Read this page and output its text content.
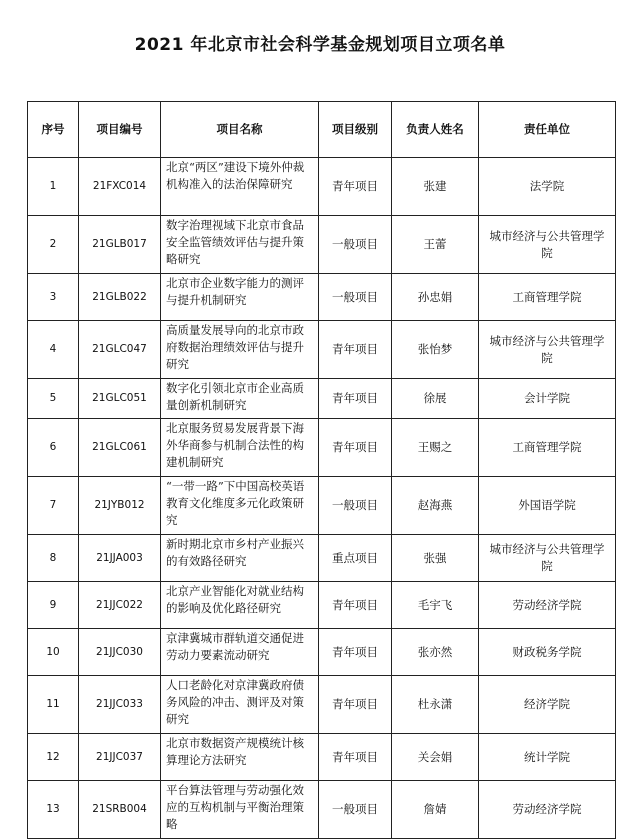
2021 年北京市社会科学基金规划项目立项名单
序号	项目编号	项目名称	项目级别	负责人姓名	责任单位
1	21FXC014	北京“两区”建设下境外仲裁机构准入的法治保障研究	青年项目	张建	法学院
2	21GLB017	数字治理视域下北京市食品安全监管绩效评估与提升策略研究	一般项目	王蕾	城市经济与公共管理学院
3	21GLB022	北京市企业数字能力的测评与提升机制研究	一般项目	孙忠娟	工商管理学院
4	21GLC047	高质量发展导向的北京市政府数据治理绩效评估与提升研究	青年项目	张怡梦	城市经济与公共管理学院
5	21GLC051	数字化引领北京市企业高质量创新机制研究	青年项目	徐展	会计学院
6	21GLC061	北京服务贸易发展背景下海外华商参与机制合法性的构建机制研究	青年项目	王赐之	工商管理学院
7	21JYB012	“一带一路”下中国高校英语教育文化维度多元化政策研究	一般项目	赵海燕	外国语学院
8	21JJA003	新时期北京市乡村产业振兴的有效路径研究	重点项目	张强	城市经济与公共管理学院
9	21JJC022	北京产业智能化对就业结构的影响及优化路径研究	青年项目	毛宇飞	劳动经济学院
10	21JJC030	京津冀城市群轨道交通促进劳动力要素流动研究	青年项目	张亦然	财政税务学院
11	21JJC033	人口老龄化对京津冀政府债务风险的冲击、测评及对策研究	青年项目	杜永潇	经济学院
12	21JJC037	北京市数据资产规模统计核算理论方法研究	青年项目	关会娟	统计学院
13	21SRB004	平台算法管理与劳动强化效应的互构机制与平衡治理策略	一般项目	詹婧	劳动经济学院
